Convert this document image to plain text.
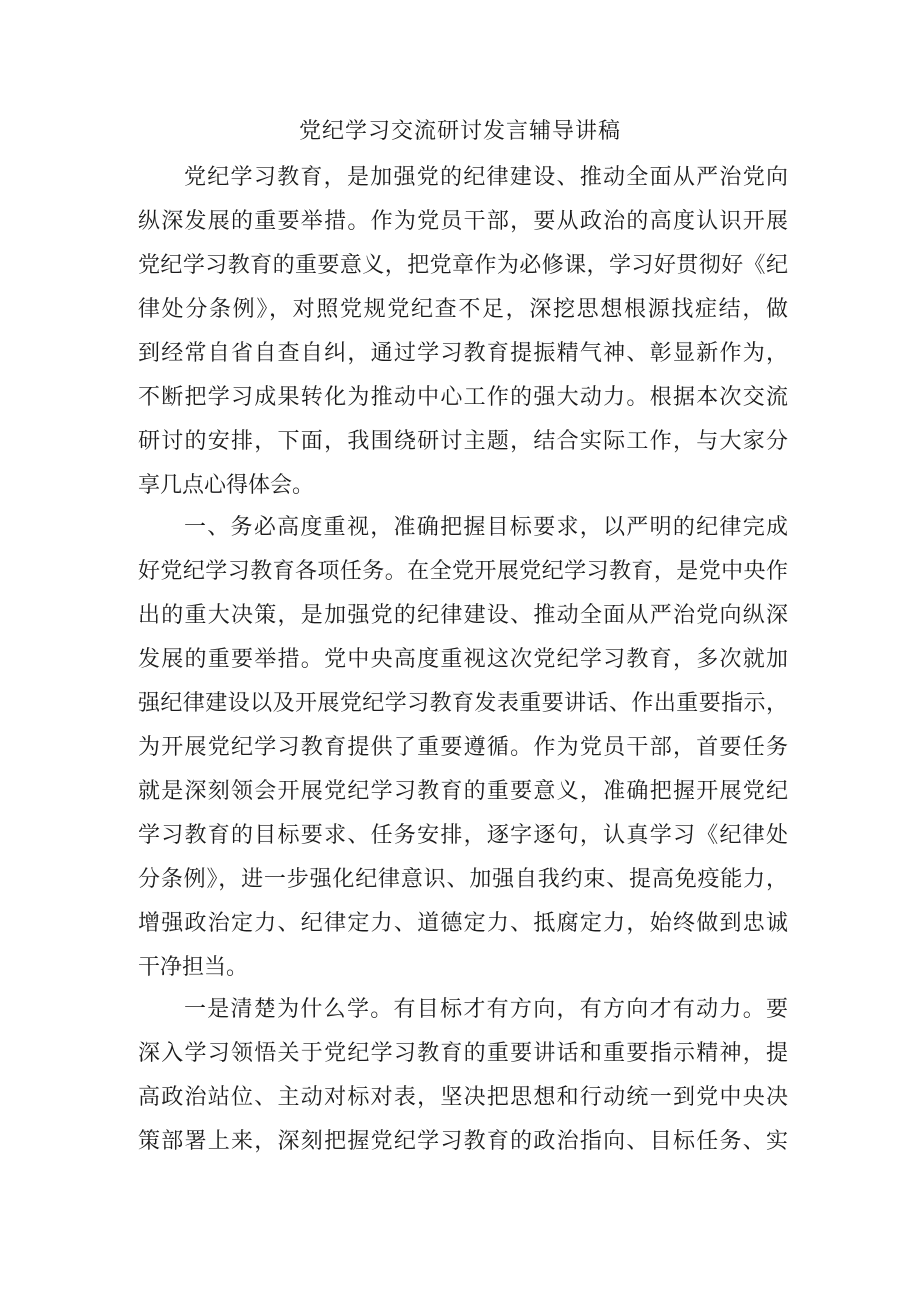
党纪学习交流研讨发言辅导讲稿
党纪学习教育，是加强党的纪律建设、推动全面从严治党向
纵深发展的重要举措。作为党员干部，要从政治的高度认识开展
党纪学习教育的重要意义，把党章作为必修课，学习好贯彻好《纪
律处分条例》，对照党规党纪查不足，深挖思想根源找症结，做
到经常自省自查自纠，通过学习教育提振精气神、彰显新作为，
不断把学习成果转化为推动中心工作的强大动力。根据本次交流
研讨的安排，下面，我围绕研讨主题，结合实际工作，与大家分
享几点心得体会。
一、务必高度重视，准确把握目标要求，以严明的纪律完成
好党纪学习教育各项任务。在全党开展党纪学习教育，是党中央作
出的重大决策，是加强党的纪律建设、推动全面从严治党向纵深
发展的重要举措。党中央高度重视这次党纪学习教育，多次就加
强纪律建设以及开展党纪学习教育发表重要讲话、作出重要指示，
为开展党纪学习教育提供了重要遵循。作为党员干部，首要任务
就是深刻领会开展党纪学习教育的重要意义，准确把握开展党纪
学习教育的目标要求、任务安排，逐字逐句，认真学习《纪律处
分条例》，进一步强化纪律意识、加强自我约束、提高免疫能力，
增强政治定力、纪律定力、道德定力、抵腐定力，始终做到忠诚
干净担当。
一是清楚为什么学。有目标才有方向，有方向才有动力。要
深入学习领悟关于党纪学习教育的重要讲话和重要指示精神，提
高政治站位、主动对标对表，坚决把思想和行动统一到党中央决
策部署上来，深刻把握党纪学习教育的政治指向、目标任务、实
